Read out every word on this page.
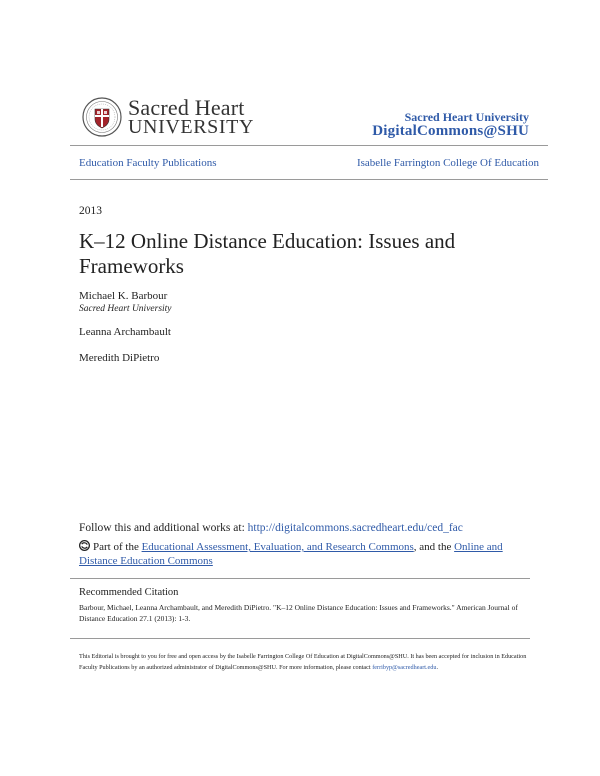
Sacred Heart
UNIVERSITY	Sacred Heart University
DigitalCommons@SHU
Education Faculty Publications	Isabelle Farrington College Of Education
2013
K–12 Online Distance Education: Issues and Frameworks
Michael K. Barbour
Sacred Heart University
Leanna Archambault
Meredith DiPietro
Follow this and additional works at: http://digitalcommons.sacredheart.edu/ced_fac
Part of the Educational Assessment, Evaluation, and Research Commons, and the Online and Distance Education Commons
Recommended Citation
Barbour, Michael, Leanna Archambault, and Meredith DiPietro. "K–12 Online Distance Education: Issues and Frameworks." American Journal of Distance Education 27.1 (2013): 1-3.
This Editorial is brought to you for free and open access by the Isabelle Farrington College Of Education at DigitalCommons@SHU. It has been accepted for inclusion in Education Faculty Publications by an authorized administrator of DigitalCommons@SHU. For more information, please contact ferribyp@sacredheart.edu.
